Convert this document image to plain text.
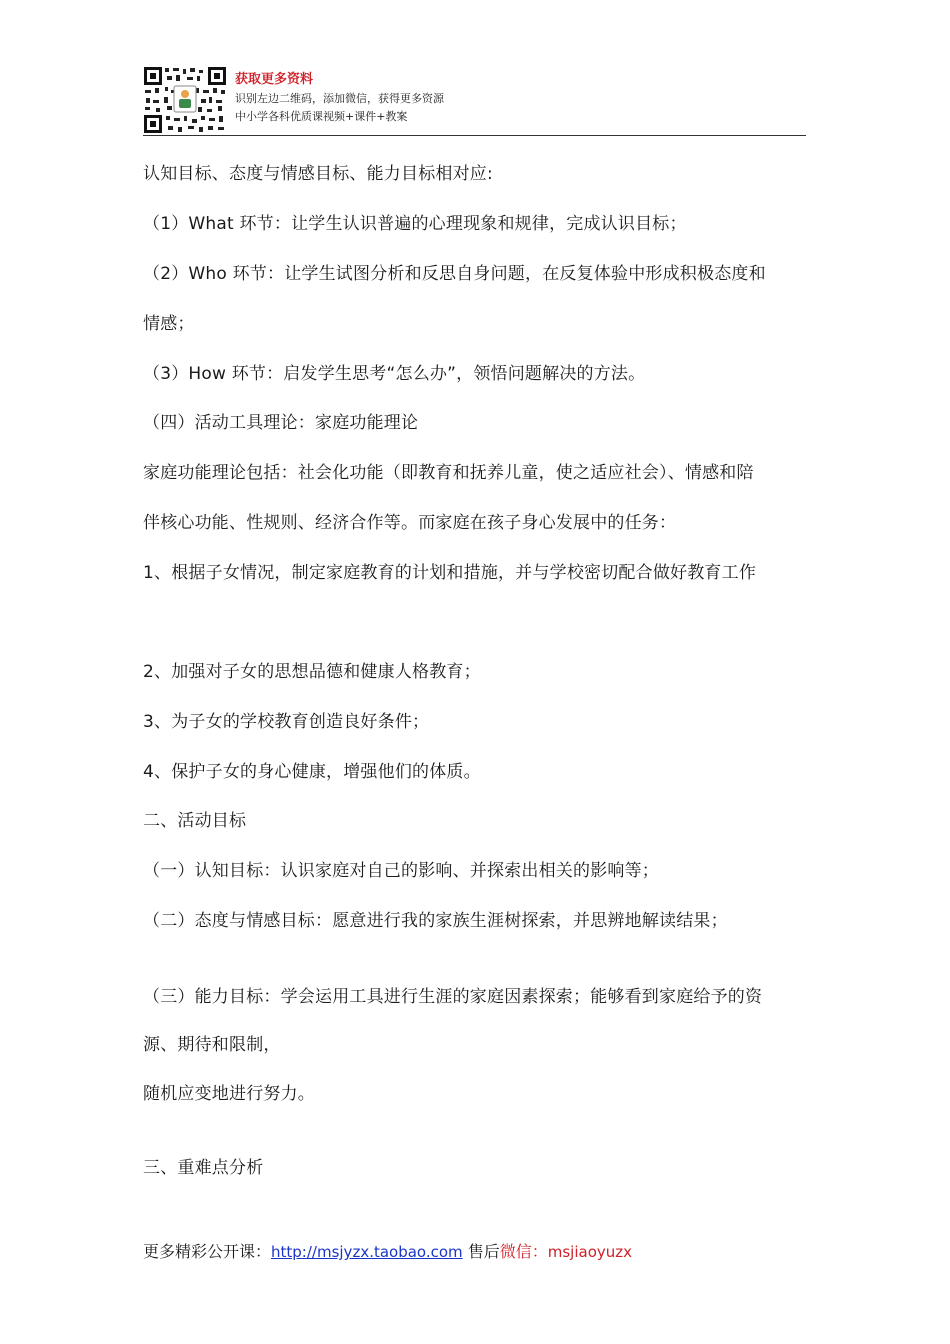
获取更多资料
识别左边二维码，添加微信，获得更多资源
中小学各科优质课视频+课件+教案
认知目标、态度与情感目标、能力目标相对应:
（1）What 环节：让学生认识普遍的心理现象和规律，完成认识目标；
（2）Who 环节：让学生试图分析和反思自身问题，在反复体验中形成积极态度和
情感；
（3）How 环节：启发学生思考“怎么办”，领悟问题解决的方法。
（四）活动工具理论：家庭功能理论
家庭功能理论包括：社会化功能（即教育和抚养儿童，使之适应社会）、情感和陪
伴核心功能、性规则、经济合作等。而家庭在孩子身心发展中的任务：
1、根据子女情况，制定家庭教育的计划和措施，并与学校密切配合做好教育工作
2、加强对子女的思想品德和健康人格教育；
3、为子女的学校教育创造良好条件；
4、保护子女的身心健康，增强他们的体质。
二、活动目标
（一）认知目标：认识家庭对自己的影响、并探索出相关的影响等；
（二）态度与情感目标：愿意进行我的家族生涯树探索，并思辨地解读结果；
（三）能力目标：学会运用工具进行生涯的家庭因素探索；能够看到家庭给予的资
源、期待和限制，
随机应变地进行努力。
三、重难点分析
更多精彩公开课：http://msjyzx.taobao.com 售后微信：msjiaoyuzx
